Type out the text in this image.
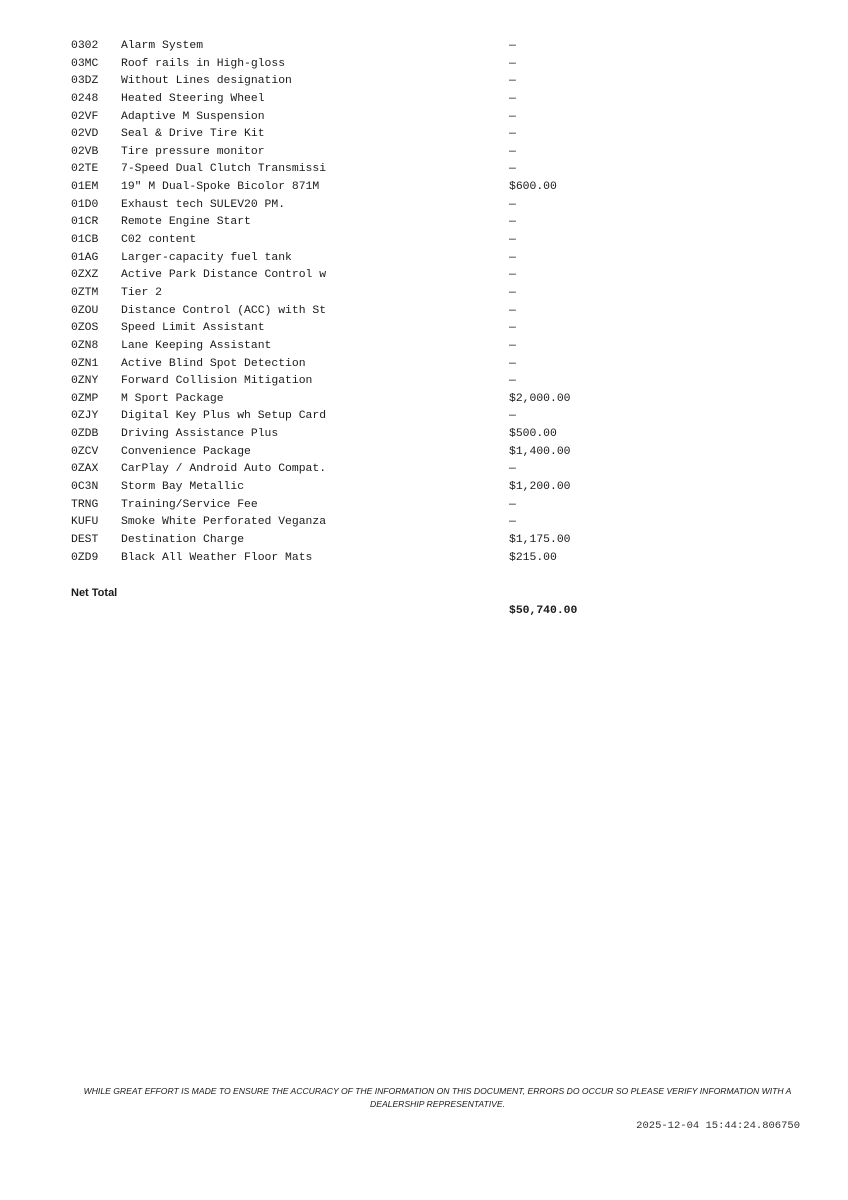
0302 Alarm System	—
03MC Roof rails in High-gloss	—
03DZ Without Lines designation	—
0248 Heated Steering Wheel	—
02VF Adaptive M Suspension	—
02VD Seal & Drive Tire Kit	—
02VB Tire pressure monitor	—
02TE 7-Speed Dual Clutch Transmissi	—
01EM 19" M Dual-Spoke Bicolor 871M	$600.00
01D0 Exhaust tech SULEV20 PM.	—
01CR Remote Engine Start	—
01CB C02 content	—
01AG Larger-capacity fuel tank	—
0ZXZ Active Park Distance Control w	—
0ZTM Tier 2	—
0ZOU Distance Control (ACC) with St	—
0ZOS Speed Limit Assistant	—
0ZN8 Lane Keeping Assistant	—
0ZN1 Active Blind Spot Detection	—
0ZNY Forward Collision Mitigation	—
0ZMP M Sport Package	$2,000.00
0ZJY Digital Key Plus wh Setup Card	—
0ZDB Driving Assistance Plus	$500.00
0ZCV Convenience Package	$1,400.00
0ZAX CarPlay / Android Auto Compat.	—
0C3N Storm Bay Metallic	$1,200.00
TRNG Training/Service Fee	—
KUFU Smoke White Perforated Veganza	—
DEST Destination Charge	$1,175.00
0ZD9 Black All Weather Floor Mats	$215.00

Net Total

$50,740.00

WHILE GREAT EFFORT IS MADE TO ENSURE THE ACCURACY OF THE INFORMATION ON THIS DOCUMENT, ERRORS DO OCCUR SO PLEASE VERIFY INFORMATION WITH A DEALERSHIP REPRESENTATIVE.
2025-12-04 15:44:24.806750
